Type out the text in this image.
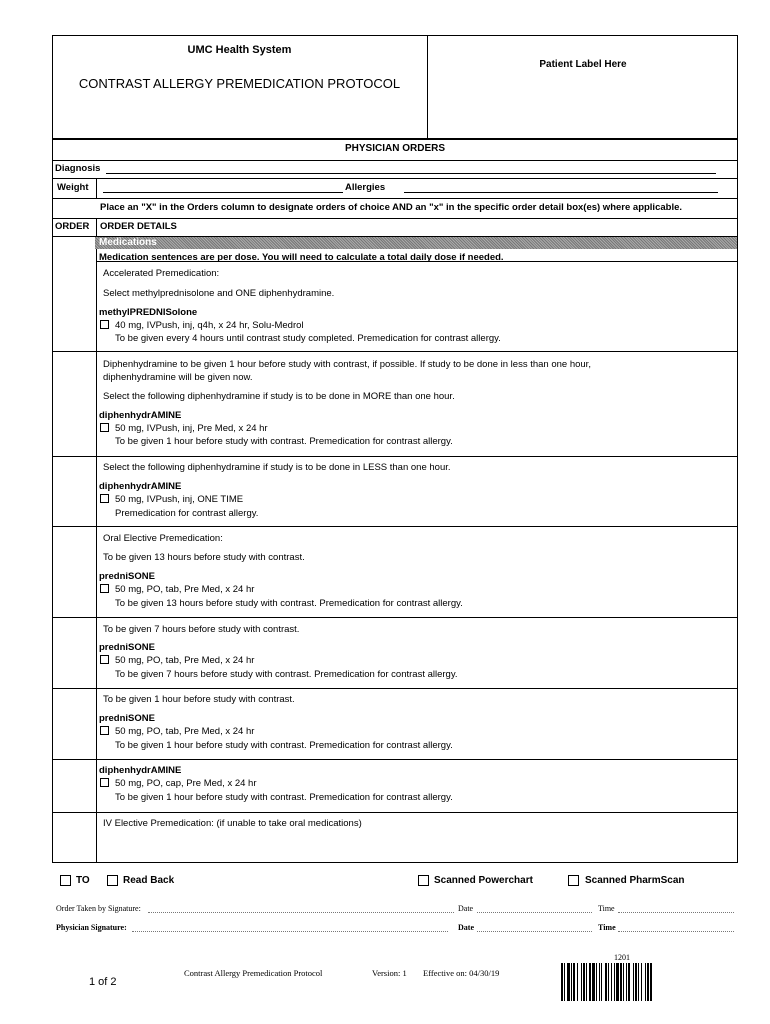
UMC Health System
CONTRAST ALLERGY PREMEDICATION PROTOCOL
Patient Label Here
PHYSICIAN ORDERS
Diagnosis
Weight	Allergies
Place an "X" in the Orders column to designate orders of choice AND an "x" in the specific order detail box(es) where applicable.
ORDER ORDER DETAILS
Medications
Medication sentences are per dose. You will need to calculate a total daily dose if needed.
Accelerated Premedication:
Select methylprednisolone and ONE diphenhydramine.
methylPREDNISolone
40 mg, IVPush, inj, q4h, x 24 hr, Solu-Medrol
To be given every 4 hours until contrast study completed. Premedication for contrast allergy.
Diphenhydramine to be given 1 hour before study with contrast, if possible. If study to be done in less than one hour,
diphenhydramine will be given now.
Select the following diphenhydramine if study is to be done in MORE than one hour.
diphenhydrAMINE
50 mg, IVPush, inj, Pre Med, x 24 hr
To be given 1 hour before study with contrast. Premedication for contrast allergy.
Select the following diphenhydramine if study is to be done in LESS than one hour.
diphenhydrAMINE
50 mg, IVPush, inj, ONE TIME
Premedication for contrast allergy.
Oral Elective Premedication:
To be given 13 hours before study with contrast.
predniSONE
50 mg, PO, tab, Pre Med, x 24 hr
To be given 13 hours before study with contrast. Premedication for contrast allergy.
To be given 7 hours before study with contrast.
predniSONE
50 mg, PO, tab, Pre Med, x 24 hr
To be given 7 hours before study with contrast. Premedication for contrast allergy.
To be given 1 hour before study with contrast.
predniSONE
50 mg, PO, tab, Pre Med, x 24 hr
To be given 1 hour before study with contrast. Premedication for contrast allergy.
diphenhydrAMINE
50 mg, PO, cap, Pre Med, x 24 hr
To be given 1 hour before study with contrast. Premedication for contrast allergy.
IV Elective Premedication: (if unable to take oral medications)
TO	Read Back	Scanned Powerchart	Scanned PharmScan
Order Taken by Signature:	Date	Time
Physician Signature:	Date	Time
Contrast Allergy Premedication Protocol	Version: 1 Effective on: 04/30/19
1 of 2
1201
